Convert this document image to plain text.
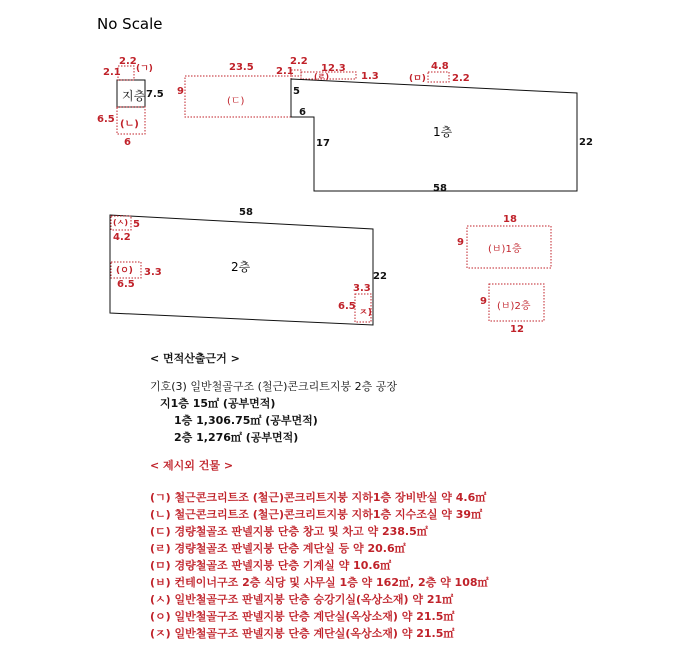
No Scale
2.2
(ㄱ)
2.1
지층 7.5
(ㄴ)
6.5
6
23.5
9
(ㄷ)
2.2
2.1	12.3
(ㄹ)	1.3
4.8
(ㅁ)	2.2
5
6
17
1층
22
58
58
(ㅅ) 5
4.2
2층
(ㅇ) 3.3
6.5
22
3.3
6.5
ㅈ)
18
9
(ㅂ)1층
9 (ㅂ)2층
12
< 면적산출근거 >
기호(3) 일반철골구조 (철근)콘크리트지붕 2층 공장
지1층 15㎡ (공부면적)
1층 1,306.75㎡ (공부면적)
2층 1,276㎡ (공부면적)
< 제시외 건물 >
(ㄱ) 철근콘크리트조 (철근)콘크리트지붕 지하1층 장비반실 약 4.6㎡
(ㄴ) 철근콘크리트조 (철근)콘크리트지붕 지하1층 지수조실 약 39㎡
(ㄷ) 경량철골조 판넬지붕 단층 창고 및 차고 약 238.5㎡
(ㄹ) 경량철골조 판넬지붕 단층 계단실 등 약 20.6㎡
(ㅁ) 경량철골조 판넬지붕 단층 기계실 약 10.6㎡
(ㅂ) 컨테이너구조 2층 식당 및 사무실 1층 약 162㎡, 2층 약 108㎡
(ㅅ) 일반철골구조 판넬지붕 단층 승강기실(옥상소재) 약 21㎡
(ㅇ) 일반철골구조 판넬지붕 단층 계단실(옥상소재) 약 21.5㎡
(ㅈ) 일반철골구조 판넬지붕 단층 계단실(옥상소재) 약 21.5㎡
